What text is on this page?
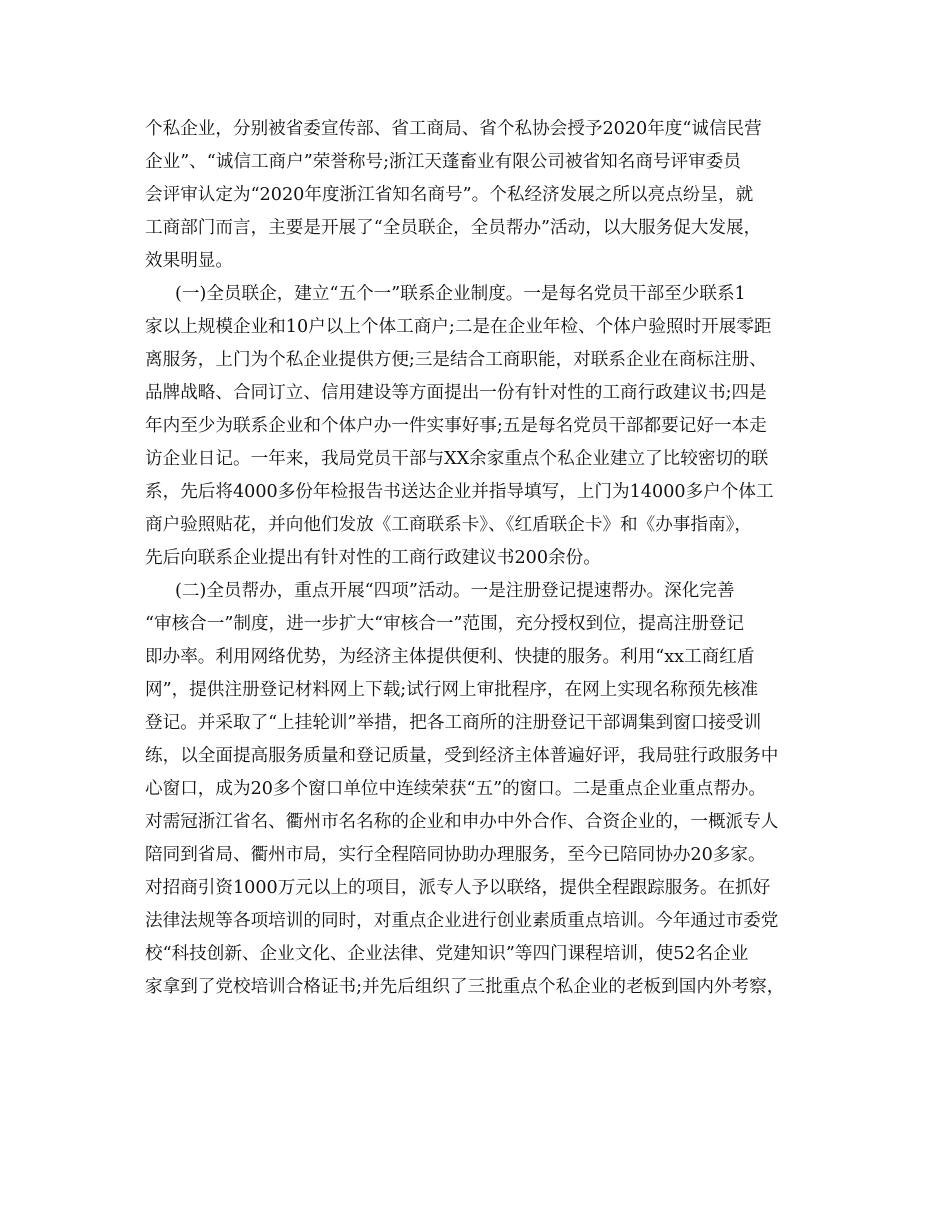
个私企业，分别被省委宣传部、省工商局、省个私协会授予2020年度“诚信民营
企业”、“诚信工商户”荣誉称号;浙江天蓬畜业有限公司被省知名商号评审委员
会评审认定为“2020年度浙江省知名商号”。个私经济发展之所以亮点纷呈，就
工商部门而言，主要是开展了“全员联企，全员帮办”活动，以大服务促大发展，
效果明显。
(一)全员联企，建立“五个一”联系企业制度。一是每名党员干部至少联系1
家以上规模企业和10户以上个体工商户;二是在企业年检、个体户验照时开展零距
离服务，上门为个私企业提供方便;三是结合工商职能，对联系企业在商标注册、
品牌战略、合同订立、信用建设等方面提出一份有针对性的工商行政建议书;四是
年内至少为联系企业和个体户办一件实事好事;五是每名党员干部都要记好一本走
访企业日记。一年来，我局党员干部与XX余家重点个私企业建立了比较密切的联
系，先后将4000多份年检报告书送达企业并指导填写，上门为14000多户个体工
商户验照贴花，并向他们发放《工商联系卡》、《红盾联企卡》和《办事指南》，
先后向联系企业提出有针对性的工商行政建议书200余份。
(二)全员帮办，重点开展“四项”活动。一是注册登记提速帮办。深化完善
“审核合一”制度，进一步扩大“审核合一”范围，充分授权到位，提高注册登记
即办率。利用网络优势，为经济主体提供便利、快捷的服务。利用“xx工商红盾
网”，提供注册登记材料网上下载;试行网上审批程序，在网上实现名称预先核准
登记。并采取了“上挂轮训”举措，把各工商所的注册登记干部调集到窗口接受训
练，以全面提高服务质量和登记质量，受到经济主体普遍好评，我局驻行政服务中
心窗口，成为20多个窗口单位中连续荣获“五”的窗口。二是重点企业重点帮办。
对需冠浙江省名、衢州市名名称的企业和申办中外合作、合资企业的，一概派专人
陪同到省局、衢州市局，实行全程陪同协助办理服务，至今已陪同协办20多家。
对招商引资1000万元以上的项目，派专人予以联络，提供全程跟踪服务。在抓好
法律法规等各项培训的同时，对重点企业进行创业素质重点培训。今年通过市委党
校“科技创新、企业文化、企业法律、党建知识”等四门课程培训，使52名企业
家拿到了党校培训合格证书;并先后组织了三批重点个私企业的老板到国内外考察，
